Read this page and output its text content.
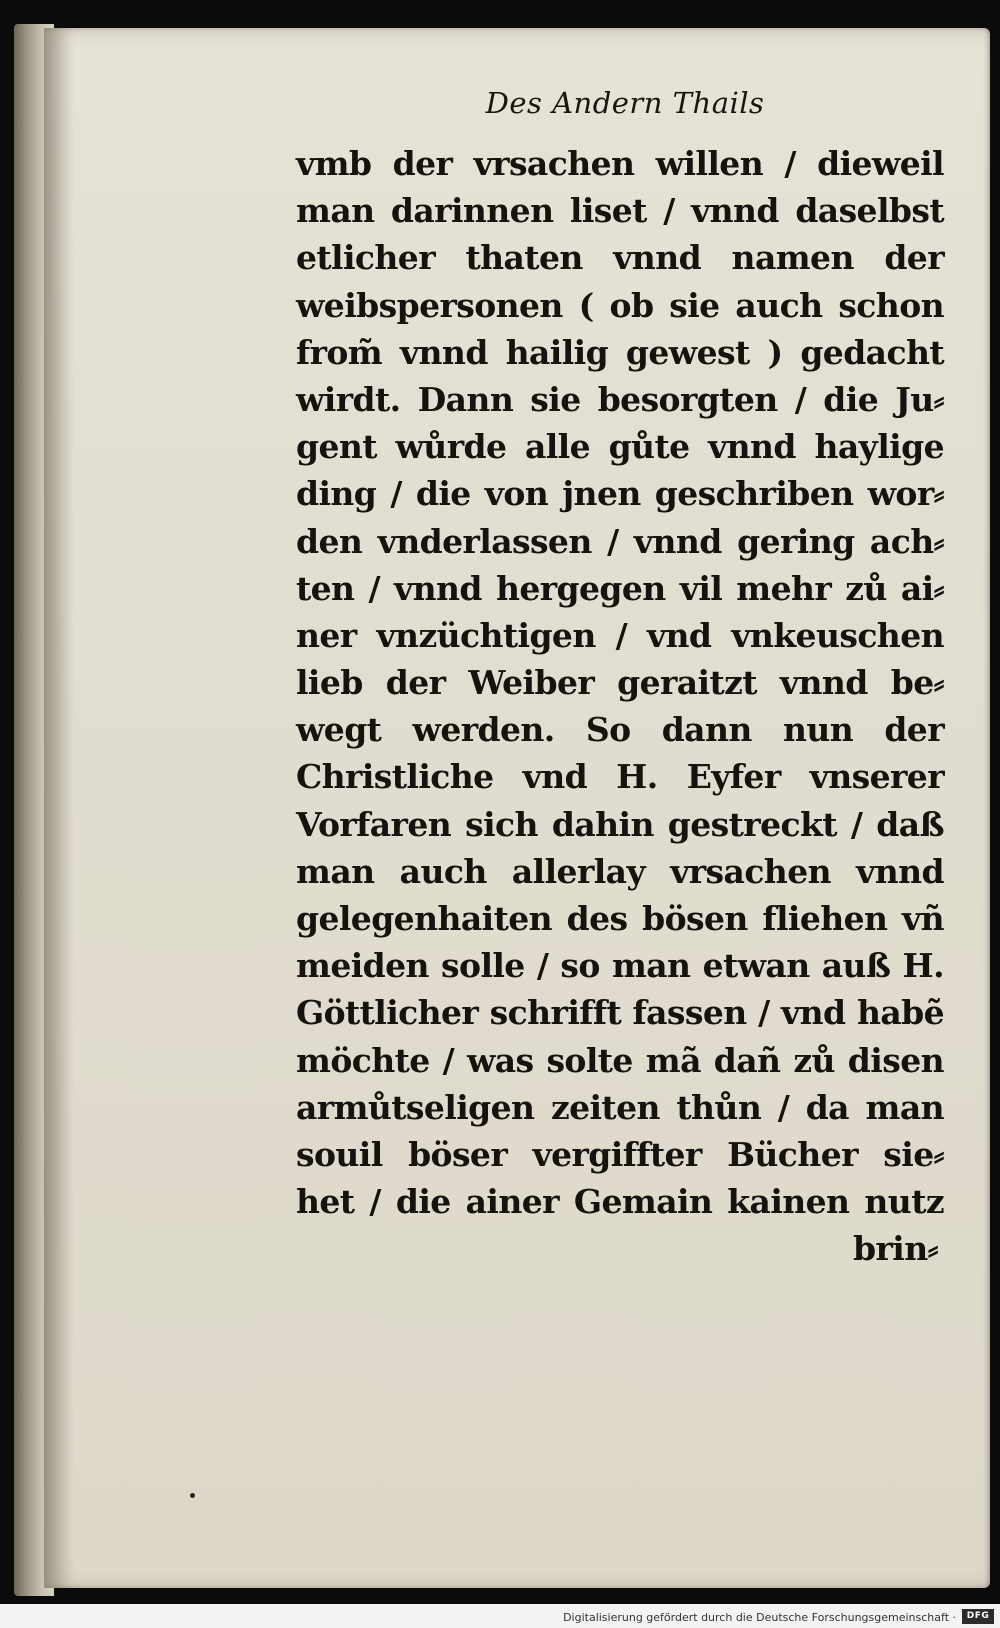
Des Andern Thails
vmb der vrsachen willen / dieweil
man darinnen liset / vnnd daselbst
etlicher thaten vnnd namen der
weibspersonen ( ob sie auch schon
from̃ vnnd hailig gewest ) gedacht
wirdt. Dann sie besorgten / die Ju⸗
gent wůrde alle gůte vnnd haylige
ding / die von jnen geschriben wor⸗
den vnderlassen / vnnd gering ach⸗
ten / vnnd hergegen vil mehr zů ai⸗
ner vnzüchtigen / vnd vnkeuschen
lieb der Weiber geraitzt vnnd be⸗
wegt werden. So dann nun der
Christliche vnd H. Eyfer vnserer
Vorfaren sich dahin gestreckt / daß
man auch allerlay vrsachen vnnd
gelegenhaiten des bösen fliehen vñ
meiden solle / so man etwan auß H.
Göttlicher schrifft fassen / vnd habẽ
möchte / was solte mã dañ zů disen
armůtseligen zeiten thůn / da man
souil böser vergiffter Bücher sie⸗
het / die ainer Gemain kainen nutz
brin⸗
Digitalisierung gefördert durch die Deutsche Forschungsgemeinschaft ·	DFG
